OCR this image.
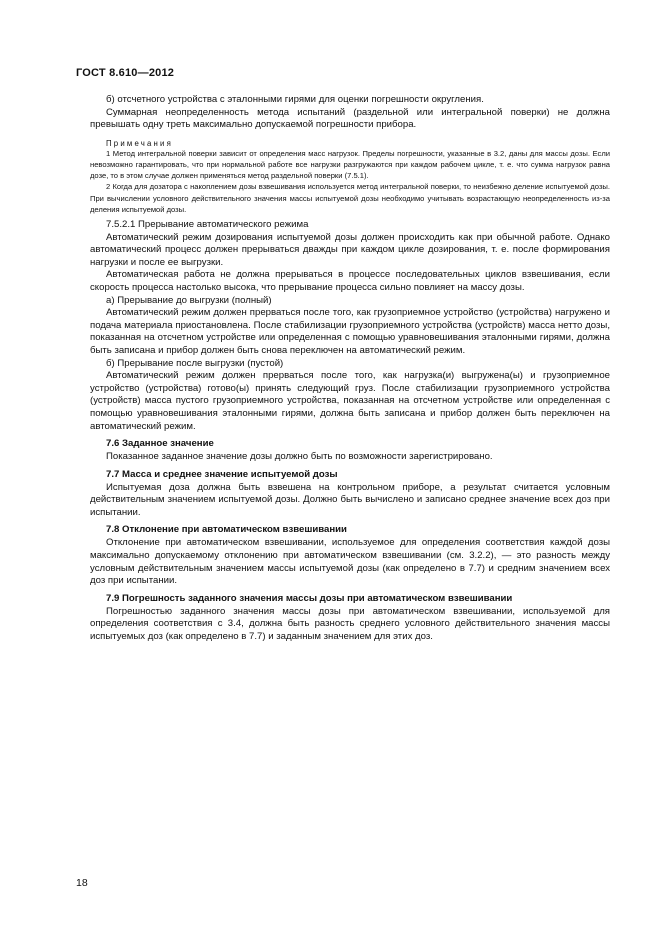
ГОСТ 8.610—2012

б) отсчетного устройства с эталонными гирями для оценки погрешности округления.

Суммарная неопределенность метода испытаний (раздельной или интегральной поверки) не должна превышать одну треть максимально допускаемой погрешности прибора.

Примечания

1 Метод интегральной поверки зависит от определения масс нагрузок. Пределы погрешности, указанные в 3.2, даны для массы дозы. Если невозможно гарантировать, что при нормальной работе все нагрузки разгружаются при каждом рабочем цикле, т. е. что сумма нагрузок равна дозе, то в этом случае должен применяться метод раздельной поверки (7.5.1).

2 Когда для дозатора с накоплением дозы взвешивания используется метод интегральной поверки, то неизбежно деление испытуемой дозы. При вычислении условного действительного значения массы испытуемой дозы необходимо учитывать возрастающую неопределенность из-за деления испытуемой дозы.

7.5.2.1 Прерывание автоматического режима

Автоматический режим дозирования испытуемой дозы должен происходить как при обычной работе. Однако автоматический процесс должен прерываться дважды при каждом цикле дозирования, т. е. после формирования нагрузки и после ее выгрузки.

Автоматическая работа не должна прерываться в процессе последовательных циклов взвешивания, если скорость процесса настолько высока, что прерывание процесса сильно повлияет на массу дозы.

а) Прерывание до выгрузки (полный)

Автоматический режим должен прерваться после того, как грузоприемное устройство (устройства) нагружено и подача материала приостановлена. После стабилизации грузоприемного устройства (устройств) масса нетто дозы, показанная на отсчетном устройстве или определенная с помощью уравновешивания эталонными гирями, должна быть записана и прибор должен быть снова переключен на автоматический режим.

б) Прерывание после выгрузки (пустой)

Автоматический режим должен прерваться после того, как нагрузка(и) выгружена(ы) и грузоприемное устройство (устройства) готово(ы) принять следующий груз. После стабилизации грузоприемного устройства (устройств) масса пустого грузоприемного устройства, показанная на отсчетном устройстве или определенная с помощью уравновешивания эталонными гирями, должна быть записана и прибор должен быть переключен на автоматический режим.

7.6 Заданное значение

Показанное заданное значение дозы должно быть по возможности зарегистрировано.

7.7 Масса и среднее значение испытуемой дозы

Испытуемая доза должна быть взвешена на контрольном приборе, а результат считается условным действительным значением испытуемой дозы. Должно быть вычислено и записано среднее значение всех доз при испытании.

7.8 Отклонение при автоматическом взвешивании

Отклонение при автоматическом взвешивании, используемое для определения соответствия каждой дозы максимально допускаемому отклонению при автоматическом взвешивании (см. 3.2.2), — это разность между условным действительным значением массы испытуемой дозы (как определено в 7.7) и средним значением всех доз при испытании.

7.9 Погрешность заданного значения массы дозы при автоматическом взвешивании

Погрешностью заданного значения массы дозы при автоматическом взвешивании, используемой для определения соответствия с 3.4, должна быть разность среднего условного действительного значения массы испытуемых доз (как определено в 7.7) и заданным значением для этих доз.

18
